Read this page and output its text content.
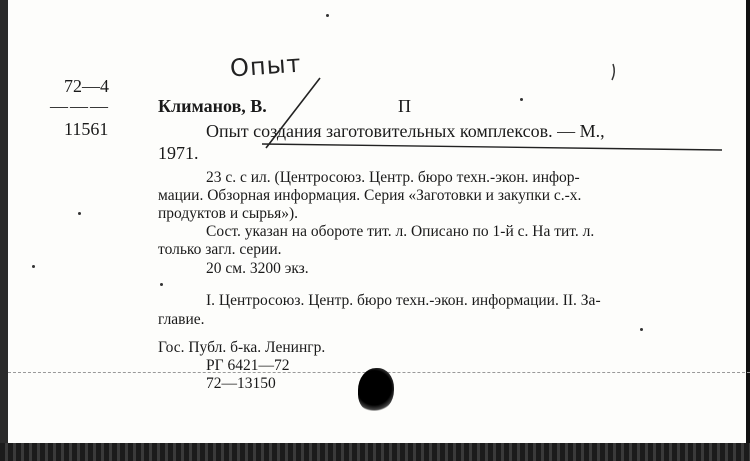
72—4
———
11561
Опыт
Климанов, В.	П
Опыт создания заготовительных комплексов. — М.,
1971.
23 с. с ил. (Центросоюз. Центр. бюро техн.-экон. инфор-
мации. Обзорная информация. Серия «Заготовки и закупки с.-х.
продуктов и сырья»).
Сост. указан на обороте тит. л. Описано по 1-й с. На тит. л.
только загл. серии.
20 см. 3200 экз.
I. Центросоюз. Центр. бюро техн.-экон. информации. II. За-
главие.
Гос. Публ. б-ка. Ленингр.
РГ 6421—72
72—13150
